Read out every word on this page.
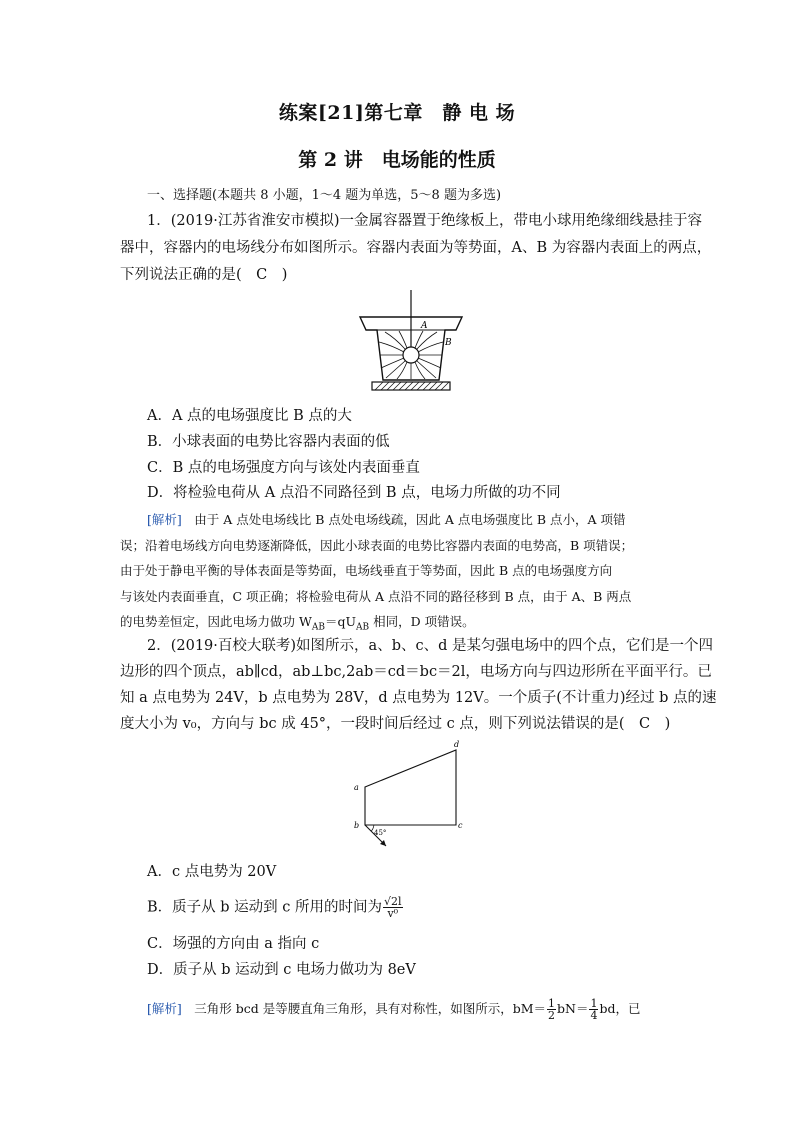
练案[21]第七章　静 电 场
第 2 讲　电场能的性质
一、选择题(本题共 8 小题，1～4 题为单选，5～8 题为多选)
1．(2019·江苏省淮安市模拟)一金属容器置于绝缘板上，带电小球用绝缘细线悬挂于容
器中，容器内的电场线分布如图所示。容器内表面为等势面，A、B 为容器内表面上的两点，
下列说法正确的是(　C　)
A
B
A．A 点的电场强度比 B 点的大
B．小球表面的电势比容器内表面的低
C．B 点的电场强度方向与该处内表面垂直
D．将检验电荷从 A 点沿不同路径到 B 点，电场力所做的功不同
[解析]　由于 A 点处电场线比 B 点处电场线疏，因此 A 点电场强度比 B 点小，A 项错
误；沿着电场线方向电势逐渐降低，因此小球表面的电势比容器内表面的电势高，B 项错误；
由于处于静电平衡的导体表面是等势面，电场线垂直于等势面，因此 B 点的电场强度方向
与该处内表面垂直，C 项正确；将检验电荷从 A 点沿不同的路径移到 B 点，由于 A、B 两点
的电势差恒定，因此电场力做功 $W_{AB}=qU_{AB}$ 相同，D 项错误。
2．(2019·百校大联考)如图所示，a、b、c、d 是某匀强电场中的四个点，它们是一个四
边形的四个顶点，ab∥cd，ab⊥bc,2ab＝cd＝bc＝2l，电场方向与四边形所在平面平行。已
知 a 点电势为 24V，b 点电势为 28V，d 点电势为 12V。一个质子(不计重力)经过 b 点的速
度大小为 v₀，方向与 bc 成 45°，一段时间后经过 c 点，则下列说法错误的是(　C　)
a
b	c
d
45°
A．c 点电势为 20V
B．质子从 b 运动到 c 所用的时间为 $\frac{√2l}{\text{v⁰}}$
C．场强的方向由 a 指向 c
D．质子从 b 运动到 c 电场力做功为 8eV
[解析]　三角形 bcd 是等腰直角三角形，具有对称性，如图所示，$bM= \frac{1}{2} bN= \frac{1}{4}$ bd，已
